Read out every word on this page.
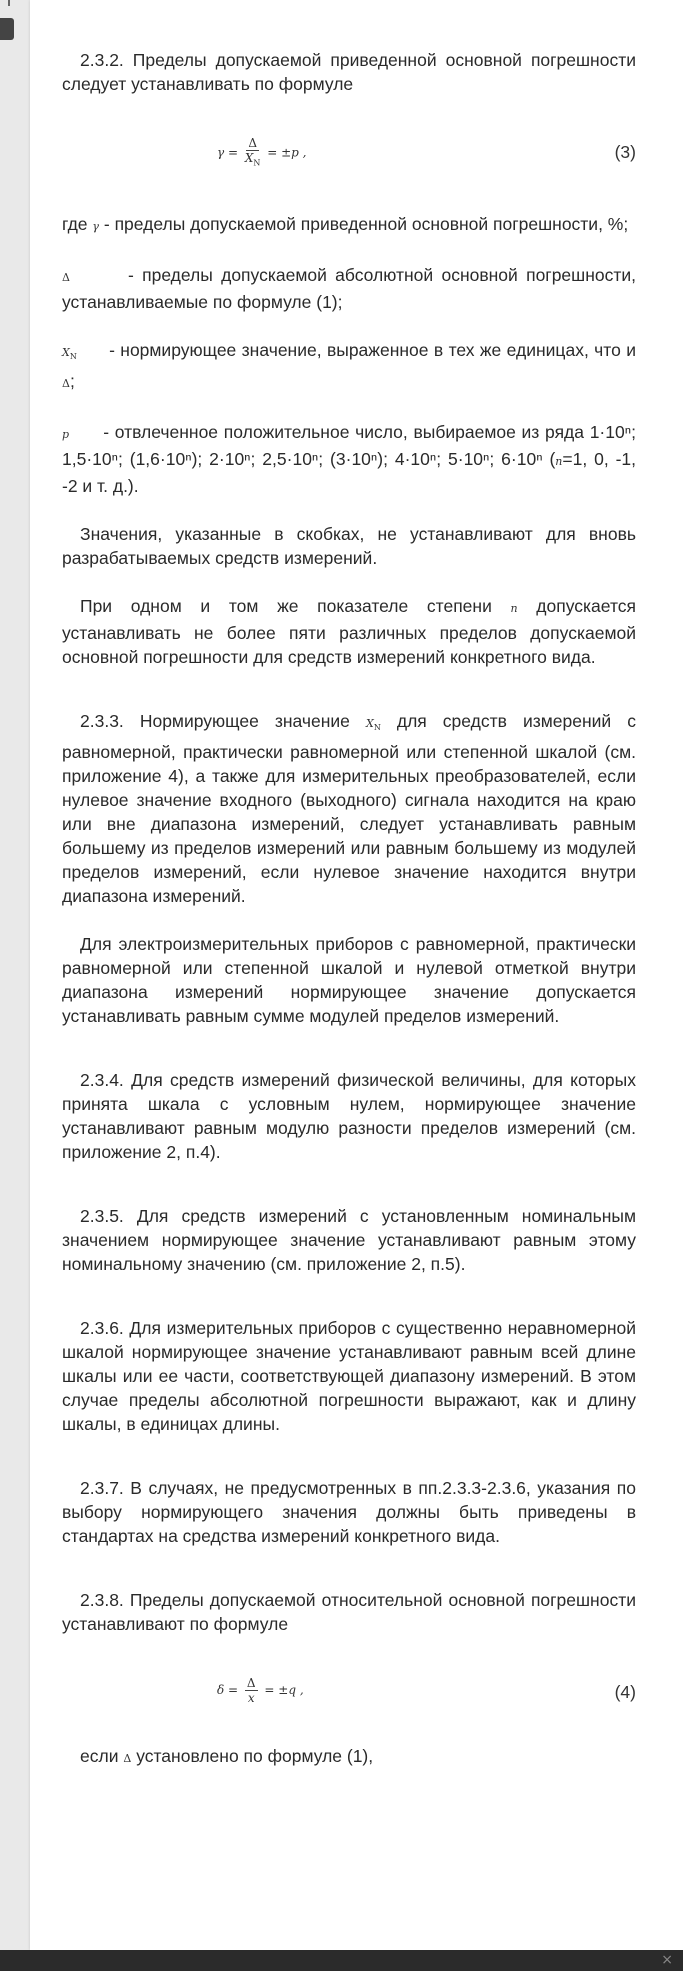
2.3.2. Пределы допускаемой приведенной основной погрешности следует устанавливать по формуле

$\gamma = \frac{\Delta}{X_N} = \pm p$ ,	(3)

где γ - пределы допускаемой приведенной основной погрешности, %;

Δ	- пределы допускаемой абсолютной основной погрешности, устанавливаемые по формуле (1);

$X_N$ - нормирующее значение, выраженное в тех же единицах, что и Δ;

p - отвлеченное положительное число, выбираемое из ряда 1·10ⁿ; 1,5·10ⁿ; (1,6·10ⁿ); 2·10ⁿ; 2,5·10ⁿ; (3·10ⁿ); 4·10ⁿ; 5·10ⁿ; 6·10ⁿ (n=1, 0, -1, -2 и т. д.).

Значения, указанные в скобках, не устанавливают для вновь разрабатываемых средств измерений.

При одном и том же показателе степени n допускается устанавливать не более пяти различных пределов допускаемой основной погрешности для средств измерений конкретного вида.

2.3.3. Нормирующее значение $X_N$ для средств измерений с равномерной, практически равномерной или степенной шкалой (см. приложение 4), а также для измерительных преобразователей, если нулевое значение входного (выходного) сигнала находится на краю или вне диапазона измерений, следует устанавливать равным большему из пределов измерений или равным большему из модулей пределов измерений, если нулевое значение находится внутри диапазона измерений.

Для электроизмерительных приборов с равномерной, практически равномерной или степенной шкалой и нулевой отметкой внутри диапазона измерений нормирующее значение допускается устанавливать равным сумме модулей пределов измерений.

2.3.4. Для средств измерений физической величины, для которых принята шкала с условным нулем, нормирующее значение устанавливают равным модулю разности пределов измерений (см. приложение 2, п.4).

2.3.5. Для средств измерений с установленным номинальным значением нормирующее значение устанавливают равным этому номинальному значению (см. приложение 2, п.5).

2.3.6. Для измерительных приборов с существенно неравномерной шкалой нормирующее значение устанавливают равным всей длине шкалы или ее части, соответствующей диапазону измерений. В этом случае пределы абсолютной погрешности выражают, как и длину шкалы, в единицах длины.

2.3.7. В случаях, не предусмотренных в пп.2.3.3-2.3.6, указания по выбору нормирующего значения должны быть приведены в стандартах на средства измерений конкретного вида.

2.3.8. Пределы допускаемой относительной основной погрешности устанавливают по формуле

$\delta = \frac{\Delta}{x} = \pm q$ ,	(4)

если Δ установлено по формуле (1),

×
